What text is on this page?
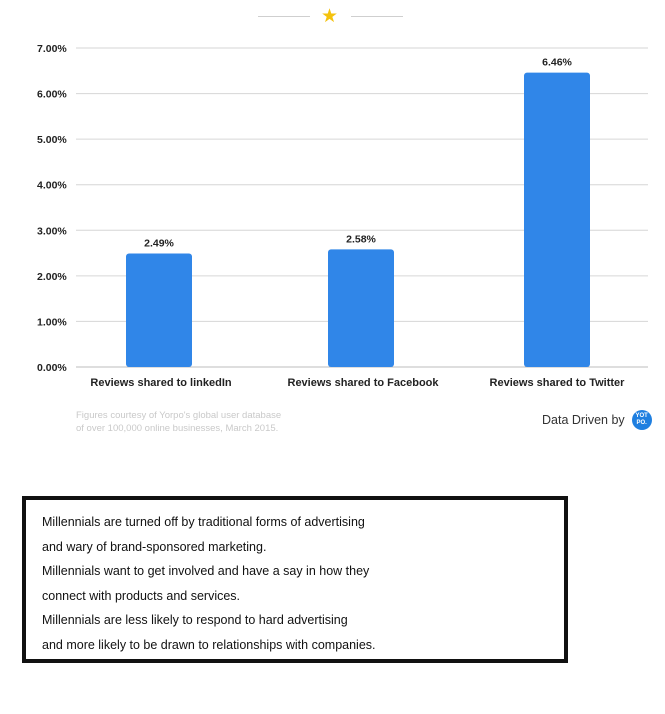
★
0.00%
1.00%
2.00%
3.00%
4.00%
5.00%
6.00%
7.00%
2.49%	2.58%
6.46%
Reviews shared to linkedIn	Reviews shared to Facebook	Reviews shared to Twitter
Figures courtesy of Yorpo's global user database
of over 100,000 online businesses, March 2015.
Data Driven by YOT
PO.
Millennials are turned off by traditional forms of advertising
and wary of brand-sponsored marketing.
Millennials want to get involved and have a say in how they
connect with products and services.
Millennials are less likely to respond to hard advertising
and more likely to be drawn to relationships with companies.
